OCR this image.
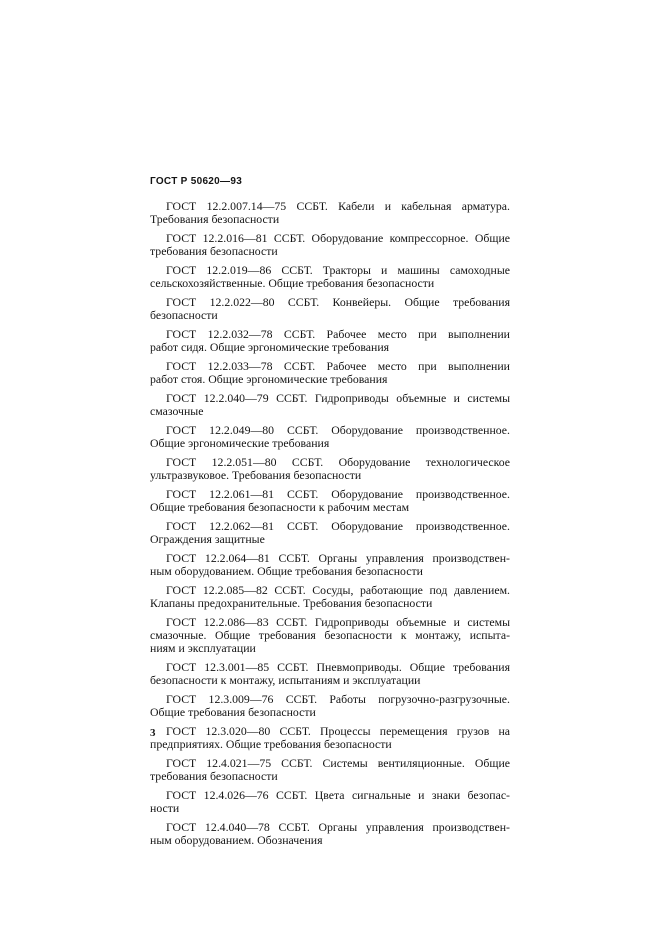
ГОСТ Р 50620—93
ГОСТ 12.2.007.14—75 ССБТ. Кабели и кабельная арматура.
Требования безопасности
ГОСТ 12.2.016—81 ССБТ. Оборудование компрессорное. Общие
требования безопасности
ГОСТ 12.2.019—86 ССБТ. Тракторы и машины самоходные
сельскохозяйственные. Общие требования безопасности
ГОСТ 12.2.022—80 ССБТ. Конвейеры. Общие требования
безопасности
ГОСТ 12.2.032—78 ССБТ. Рабочее место при выполнении
работ сидя. Общие эргономические требования
ГОСТ 12.2.033—78 ССБТ. Рабочее место при выполнении
работ стоя. Общие эргономические требования
ГОСТ 12.2.040—79 ССБТ. Гидроприводы объемные и системы
смазочные
ГОСТ 12.2.049—80 ССБТ. Оборудование производственное.
Общие эргономические требования
ГОСТ 12.2.051—80 ССБТ. Оборудование технологическое
ультразвуковое. Требования безопасности
ГОСТ 12.2.061—81 ССБТ. Оборудование производственное.
Общие требования безопасности к рабочим местам
ГОСТ 12.2.062—81 ССБТ. Оборудование производственное.
Ограждения защитные
ГОСТ 12.2.064—81 ССБТ. Органы управления производствен-
ным оборудованием. Общие требования безопасности
ГОСТ 12.2.085—82 ССБТ. Сосуды, работающие под давлением.
Клапаны предохранительные. Требования безопасности
ГОСТ 12.2.086—83 ССБТ. Гидроприводы объемные и системы
смазочные. Общие требования безопасности к монтажу, испыта-
ниям и эксплуатации
ГОСТ 12.3.001—85 ССБТ. Пневмоприводы. Общие требования
безопасности к монтажу, испытаниям и эксплуатации
ГОСТ 12.3.009—76 ССБТ. Работы погрузочно-разгрузочные.
Общие требования безопасности
ГОСТ 12.3.020—80 ССБТ. Процессы перемещения грузов на
предприятиях. Общие требования безопасности
ГОСТ 12.4.021—75 ССБТ. Системы вентиляционные. Общие
требования безопасности
ГОСТ 12.4.026—76 ССБТ. Цвета сигнальные и знаки безопас-
ности
ГОСТ 12.4.040—78 ССБТ. Органы управления производствен-
ным оборудованием. Обозначения
3
